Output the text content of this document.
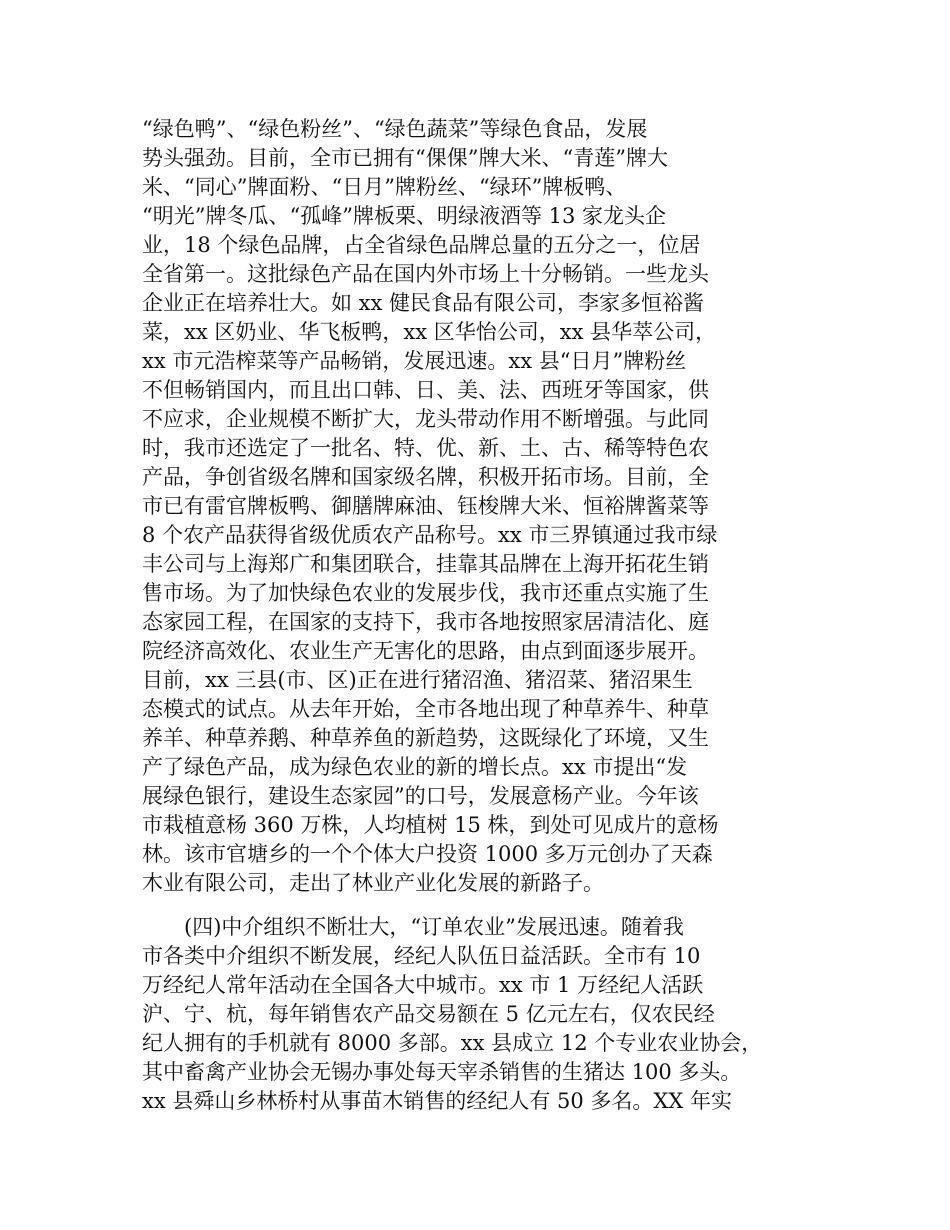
“绿色鸭”、“绿色粉丝”、“绿色蔬菜”等绿色食品，发展
势头强劲。目前，全市已拥有“倮倮”牌大米、“青莲”牌大
米、“同心”牌面粉、“日月”牌粉丝、“绿环”牌板鸭、
“明光”牌冬瓜、“孤峰”牌板栗、明绿液酒等 13 家龙头企
业，18 个绿色品牌，占全省绿色品牌总量的五分之一，位居
全省第一。这批绿色产品在国内外市场上十分畅销。一些龙头
企业正在培养壮大。如 xx 健民食品有限公司，李家多恒裕酱
菜，xx 区奶业、华飞板鸭，xx 区华怡公司，xx 县华萃公司，
xx 市元浩榨菜等产品畅销，发展迅速。xx 县“日月”牌粉丝
不但畅销国内，而且出口韩、日、美、法、西班牙等国家，供
不应求，企业规模不断扩大，龙头带动作用不断增强。与此同
时，我市还选定了一批名、特、优、新、土、古、稀等特色农
产品，争创省级名牌和国家级名牌，积极开拓市场。目前，全
市已有雷官牌板鸭、御膳牌麻油、钰梭牌大米、恒裕牌酱菜等
8 个农产品获得省级优质农产品称号。xx 市三界镇通过我市绿
丰公司与上海郑广和集团联合，挂靠其品牌在上海开拓花生销
售市场。为了加快绿色农业的发展步伐，我市还重点实施了生
态家园工程，在国家的支持下，我市各地按照家居清洁化、庭
院经济高效化、农业生产无害化的思路，由点到面逐步展开。
目前，xx 三县(市、区)正在进行猪沼渔、猪沼菜、猪沼果生
态模式的试点。从去年开始，全市各地出现了种草养牛、种草
养羊、种草养鹅、种草养鱼的新趋势，这既绿化了环境，又生
产了绿色产品，成为绿色农业的新的增长点。xx 市提出“发
展绿色银行，建设生态家园”的口号，发展意杨产业。今年该
市栽植意杨 360 万株，人均植树 15 株，到处可见成片的意杨
林。该市官塘乡的一个个体大户投资 1000 多万元创办了天森
木业有限公司，走出了林业产业化发展的新路子。
(四)中介组织不断壮大，“订单农业”发展迅速。随着我
市各类中介组织不断发展，经纪人队伍日益活跃。全市有 10
万经纪人常年活动在全国各大中城市。xx 市 1 万经纪人活跃
沪、宁、杭，每年销售农产品交易额在 5 亿元左右，仅农民经
纪人拥有的手机就有 8000 多部。xx 县成立 12 个专业农业协会，
其中畜禽产业协会无锡办事处每天宰杀销售的生猪达 100 多头。
xx 县舜山乡林桥村从事苗木销售的经纪人有 50 多名。XX 年实
